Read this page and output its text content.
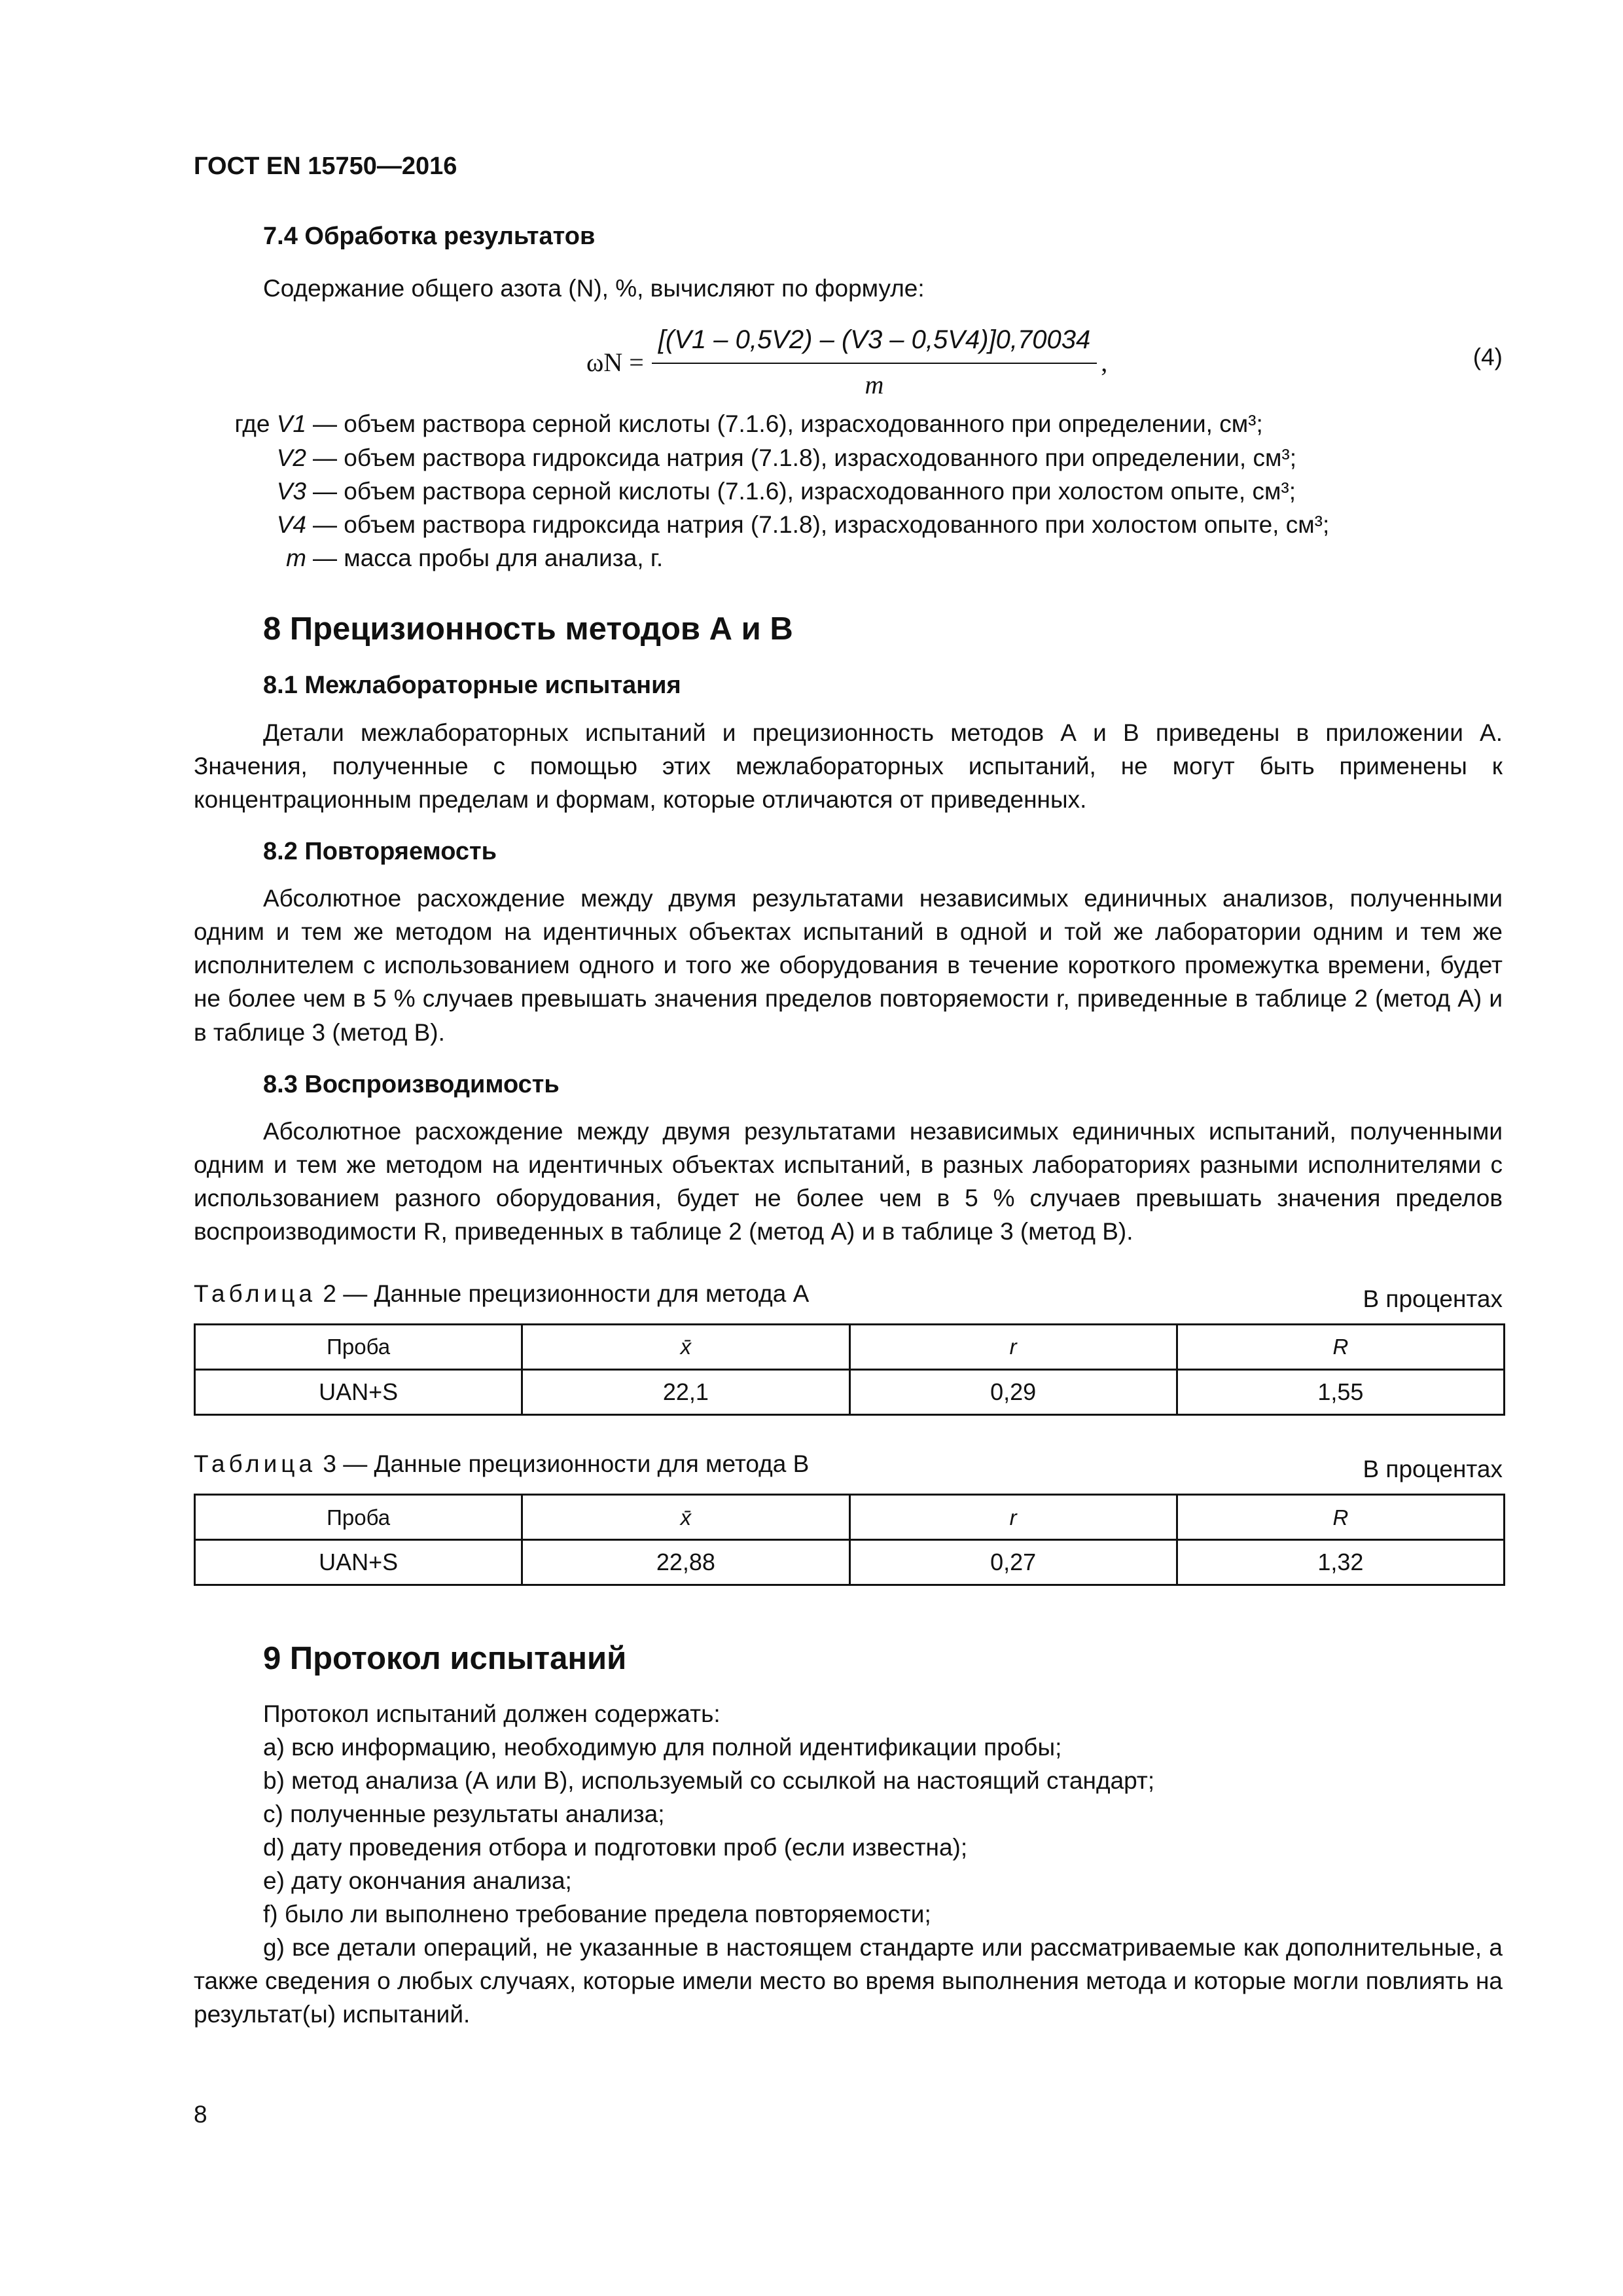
ГОСТ EN 15750—2016

7.4 Обработка результатов

Содержание общего азота (N), %, вычисляют по формуле:

$\omega N = \frac{[(V1 - 0,5V2) - (V3 - 0,5V4)]0,70034}{m}$ ,	(4)
где V1 — объем раствора серной кислоты (7.1.6), израсходованного при определении, см³;
V2 — объем раствора гидроксида натрия (7.1.8), израсходованного при определении, см³;
V3 — объем раствора серной кислоты (7.1.6), израсходованного при холостом опыте, см³;
V4 — объем раствора гидроксида натрия (7.1.8), израсходованного при холостом опыте, см³;
m — масса пробы для анализа, г.

8 Прецизионность методов А и В

8.1 Межлабораторные испытания

Детали межлабораторных испытаний и прецизионность методов А и В приведены в приложении А. Значения, полученные с помощью этих межлабораторных испытаний, не могут быть применены к концентрационным пределам и формам, которые отличаются от приведенных.

8.2 Повторяемость

Абсолютное расхождение между двумя результатами независимых единичных анализов, полученными одним и тем же методом на идентичных объектах испытаний в одной и той же лаборатории одним и тем же исполнителем с использованием одного и того же оборудования в течение короткого промежутка времени, будет не более чем в 5 % случаев превышать значения пределов повторяемости r, приведенные в таблице 2 (метод А) и в таблице 3 (метод В).

8.3 Воспроизводимость

Абсолютное расхождение между двумя результатами независимых единичных испытаний, полученными одним и тем же методом на идентичных объектах испытаний, в разных лабораториях разными исполнителями с использованием разного оборудования, будет не более чем в 5 % случаев превышать значения пределов воспроизводимости R, приведенных в таблице 2 (метод А) и в таблице 3 (метод В).

Таблица 2 — Данные прецизионности для метода А	В процентах
Проба	x̄	r	R
UAN+S	22,1	0,29	1,55
Таблица 3 — Данные прецизионности для метода В	В процентах
Проба	x̄	r	R
UAN+S	22,88	0,27	1,32

9 Протокол испытаний

Протокол испытаний должен содержать:

a) всю информацию, необходимую для полной идентификации пробы;

b) метод анализа (А или В), используемый со ссылкой на настоящий стандарт;

c) полученные результаты анализа;

d) дату проведения отбора и подготовки проб (если известна);

e) дату окончания анализа;

f) было ли выполнено требование предела повторяемости;

g) все детали операций, не указанные в настоящем стандарте или рассматриваемые как дополнительные, а также сведения о любых случаях, которые имели место во время выполнения метода и которые могли повлиять на результат(ы) испытаний.

8
